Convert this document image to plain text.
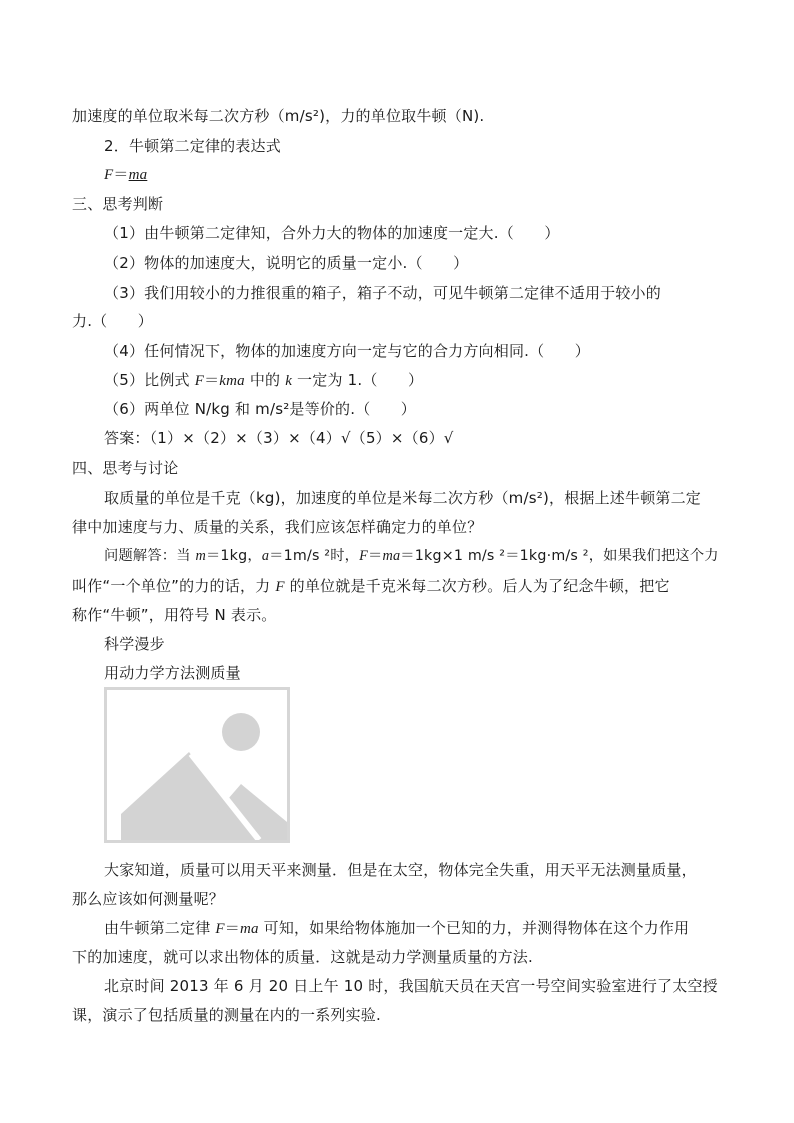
加速度的单位取米每二次方秒（m/s²)，力的单位取牛顿（N).
2．牛顿第二定律的表达式
F＝ma
三、思考判断
（1）由牛顿第二定律知，合外力大的物体的加速度一定大.（　　）
（2）物体的加速度大，说明它的质量一定小.（　　）
（3）我们用较小的力推很重的箱子，箱子不动，可见牛顿第二定律不适用于较小的
力.（　　）
（4）任何情况下，物体的加速度方向一定与它的合力方向相同.（　　）
（5）比例式 F＝kma 中的 k 一定为 1.（　　）
（6）两单位 N/kg 和 m/s²是等价的.（　　）
答案：（1）×（2）×（3）×（4）√（5）×（6）√
四、思考与讨论
取质量的单位是千克（kg)，加速度的单位是米每二次方秒（m/s²)，根据上述牛顿第二定
律中加速度与力、质量的关系，我们应该怎样确定力的单位？
问题解答：当 m＝1kg，a＝1m/s ²时，F＝ma＝1kg×1 m/s ²＝1kg·m/s ²，如果我们把这个力
叫作“一个单位”的力的话，力 F 的单位就是千克米每二次方秒。后人为了纪念牛顿，把它
称作“牛顿”，用符号 N 表示。
科学漫步
用动力学方法测质量
大家知道，质量可以用天平来测量．但是在太空，物体完全失重，用天平无法测量质量，
那么应该如何测量呢？
由牛顿第二定律 F＝ma 可知，如果给物体施加一个已知的力，并测得物体在这个力作用
下的加速度，就可以求出物体的质量．这就是动力学测量质量的方法.
北京时间 2013 年 6 月 20 日上午 10 时，我国航天员在天宫一号空间实验室进行了太空授
课，演示了包括质量的测量在内的一系列实验.
